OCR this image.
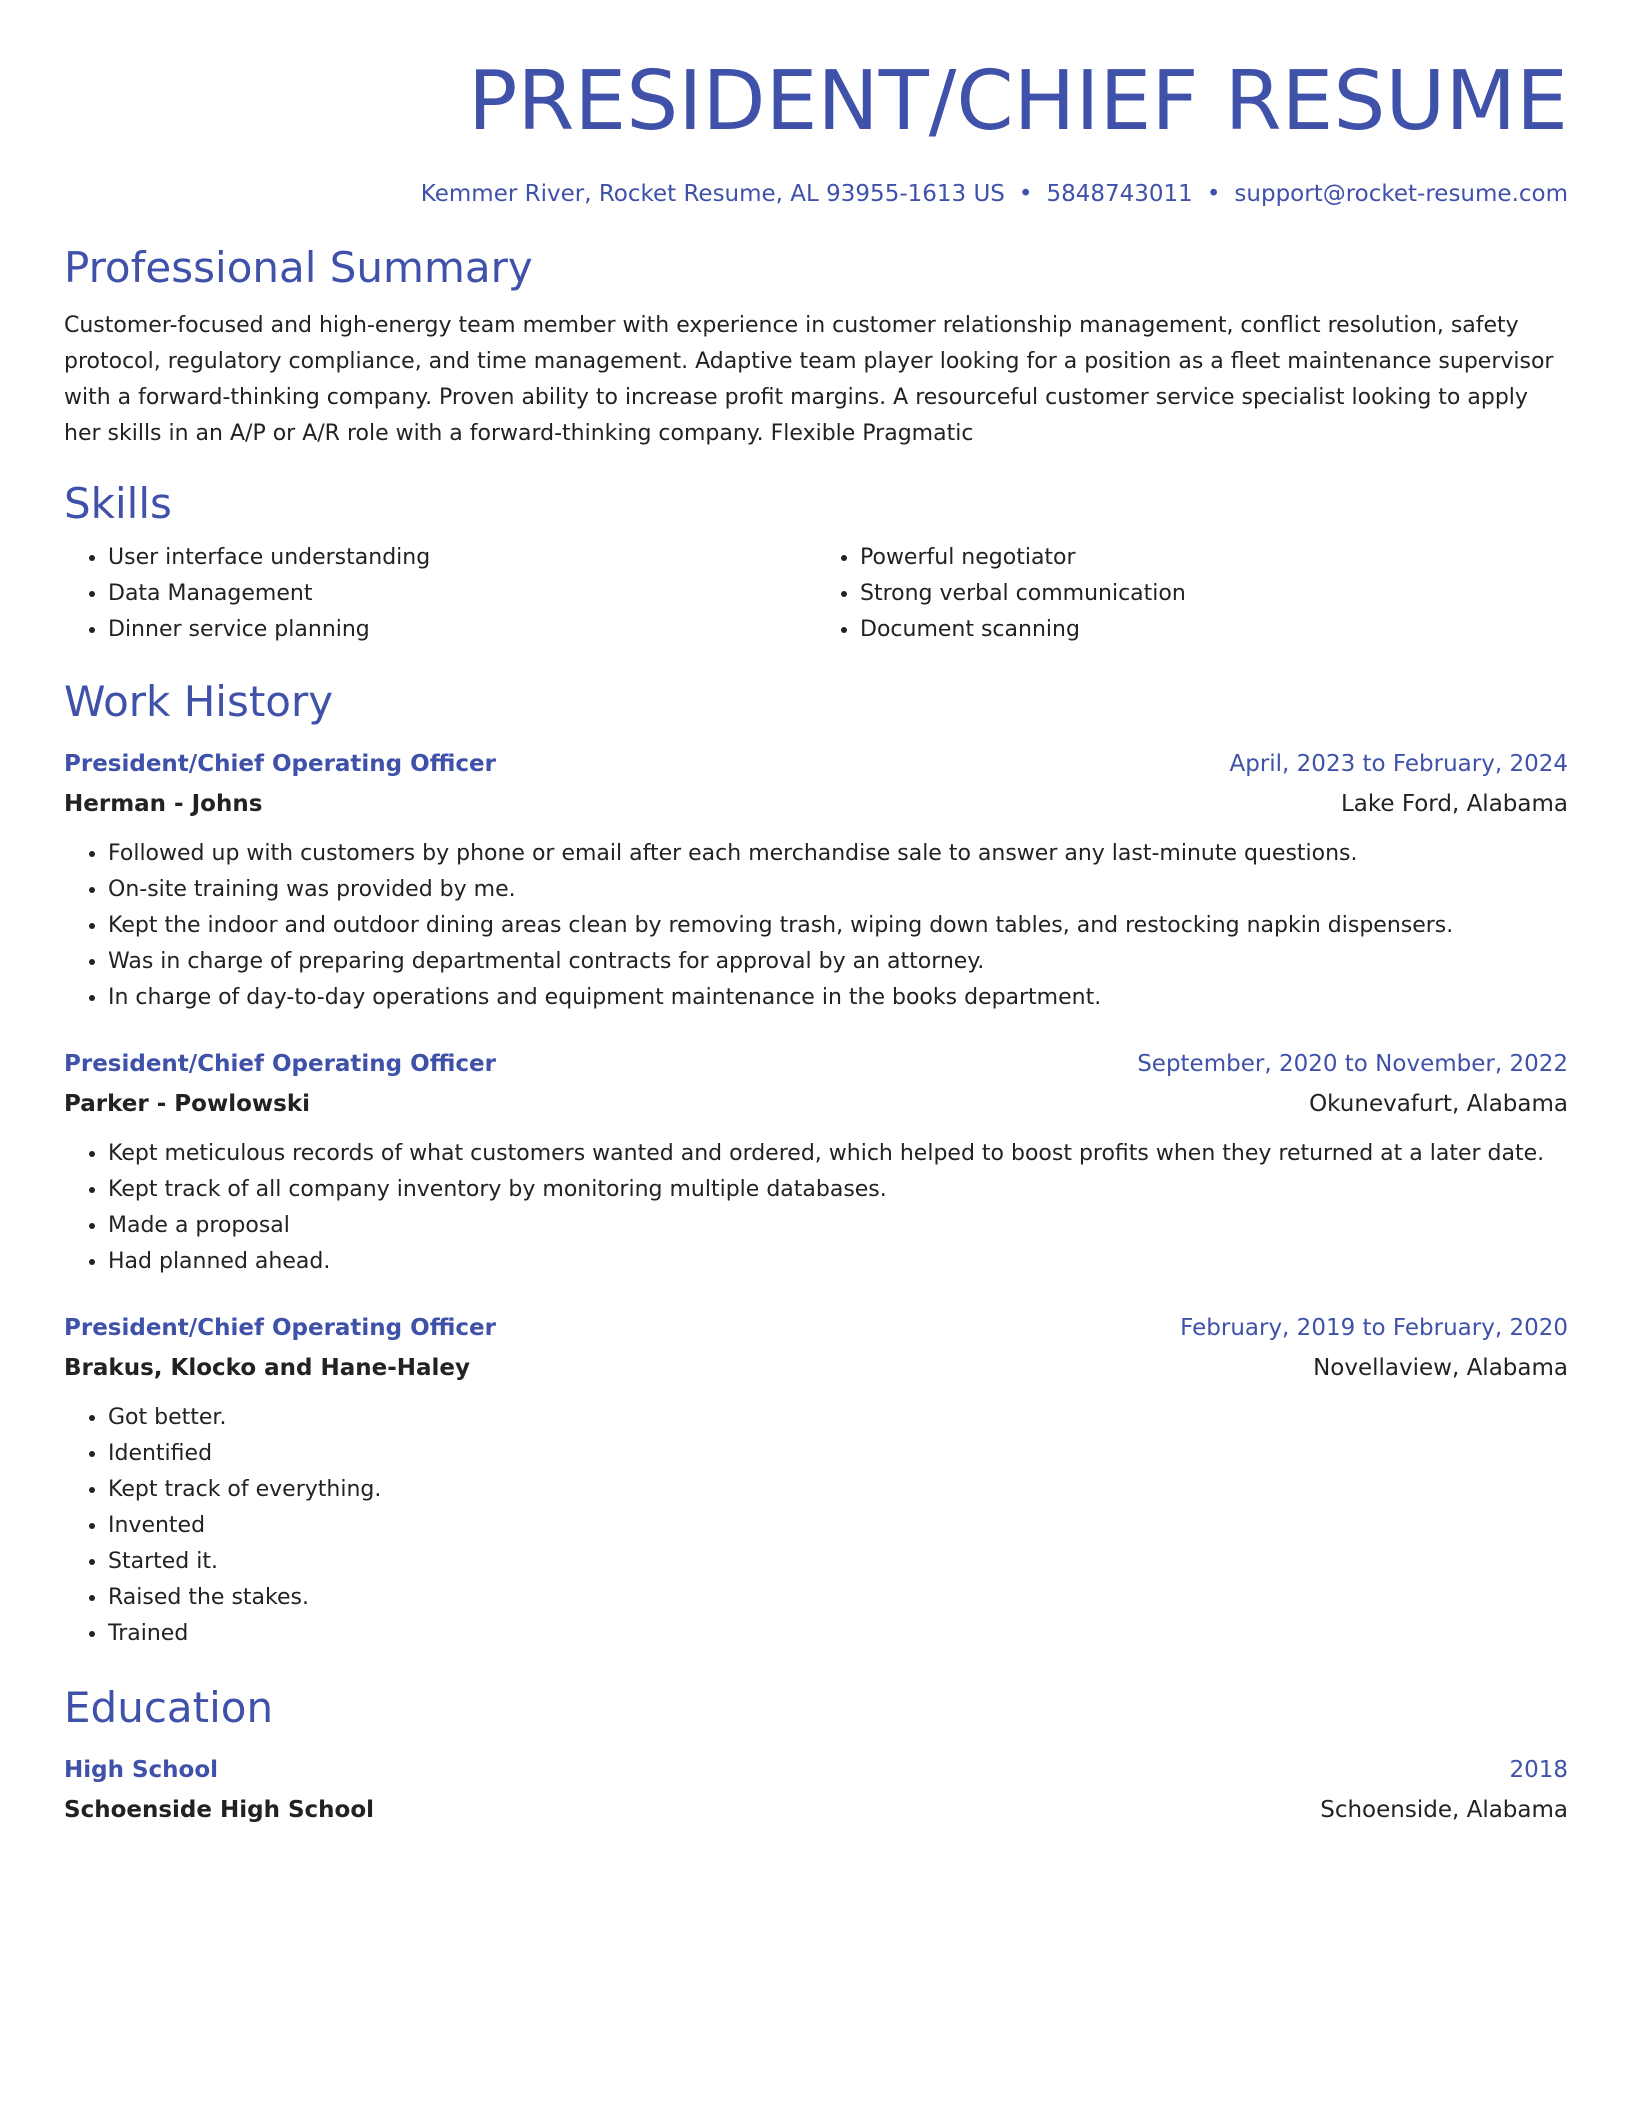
PRESIDENT/CHIEF RESUME
Kemmer River, Rocket Resume, AL 93955-1613 US • 5848743011 • support@rocket-resume.com
Professional Summary

Customer-focused and high-energy team member with experience in customer relationship management, conflict resolution, safety protocol, regulatory compliance, and time management. Adaptive team player looking for a position as a fleet maintenance supervisor with a forward-thinking company. Proven ability to increase profit margins. A resourceful customer service specialist looking to apply her skills in an A/P or A/R role with a forward-thinking company. Flexible Pragmatic

Skills
• User interface understanding
• Data Management
• Dinner service planning
• Powerful negotiator
• Strong verbal communication
• Document scanning
Work History
President/Chief Operating Officer	April, 2023 to February, 2024
Herman - Johns	Lake Ford, Alabama
• Followed up with customers by phone or email after each merchandise sale to answer any last-minute questions.
• On-site training was provided by me.
• Kept the indoor and outdoor dining areas clean by removing trash, wiping down tables, and restocking napkin dispensers.
• Was in charge of preparing departmental contracts for approval by an attorney.
• In charge of day-to-day operations and equipment maintenance in the books department.
President/Chief Operating Officer	September, 2020 to November, 2022
Parker - Powlowski	Okunevafurt, Alabama
• Kept meticulous records of what customers wanted and ordered, which helped to boost profits when they returned at a later date.
• Kept track of all company inventory by monitoring multiple databases.
• Made a proposal
• Had planned ahead.
President/Chief Operating Officer	February, 2019 to February, 2020
Brakus, Klocko and Hane-Haley	Novellaview, Alabama
• Got better.
• Identified
• Kept track of everything.
• Invented
• Started it.
• Raised the stakes.
• Trained
Education
High School	2018
Schoenside High School	Schoenside, Alabama
